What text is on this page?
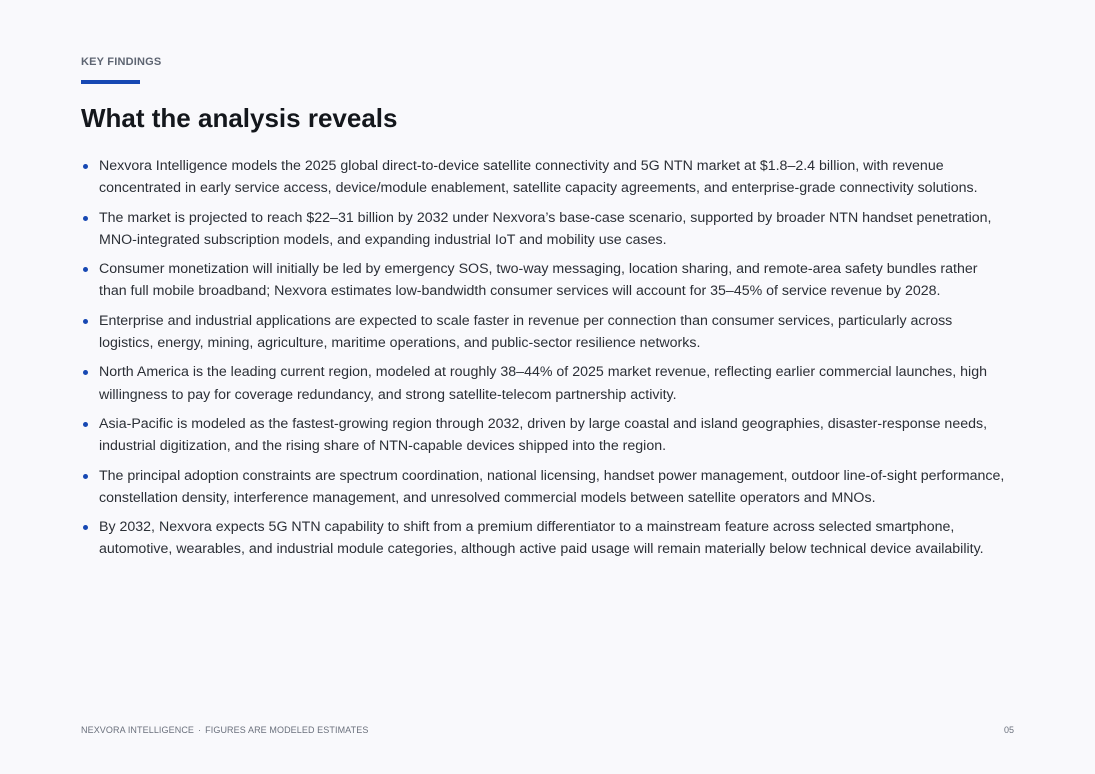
KEY FINDINGS
What the analysis reveals
Nexvora Intelligence models the 2025 global direct-to-device satellite connectivity and 5G NTN market at $1.8–2.4 billion, with revenue concentrated in early service access, device/module enablement, satellite capacity agreements, and enterprise-grade connectivity solutions.
The market is projected to reach $22–31 billion by 2032 under Nexvora’s base-case scenario, supported by broader NTN handset penetration, MNO-integrated subscription models, and expanding industrial IoT and mobility use cases.
Consumer monetization will initially be led by emergency SOS, two-way messaging, location sharing, and remote-area safety bundles rather than full mobile broadband; Nexvora estimates low-bandwidth consumer services will account for 35–45% of service revenue by 2028.
Enterprise and industrial applications are expected to scale faster in revenue per connection than consumer services, particularly across logistics, energy, mining, agriculture, maritime operations, and public-sector resilience networks.
North America is the leading current region, modeled at roughly 38–44% of 2025 market revenue, reflecting earlier commercial launches, high willingness to pay for coverage redundancy, and strong satellite-telecom partnership activity.
Asia-Pacific is modeled as the fastest-growing region through 2032, driven by large coastal and island geographies, disaster-response needs, industrial digitization, and the rising share of NTN-capable devices shipped into the region.
The principal adoption constraints are spectrum coordination, national licensing, handset power management, outdoor line-of-sight performance, constellation density, interference management, and unresolved commercial models between satellite operators and MNOs.
By 2032, Nexvora expects 5G NTN capability to shift from a premium differentiator to a mainstream feature across selected smartphone, automotive, wearables, and industrial module categories, although active paid usage will remain materially below technical device availability.
NEXVORA INTELLIGENCE · FIGURES ARE MODELED ESTIMATES	05
